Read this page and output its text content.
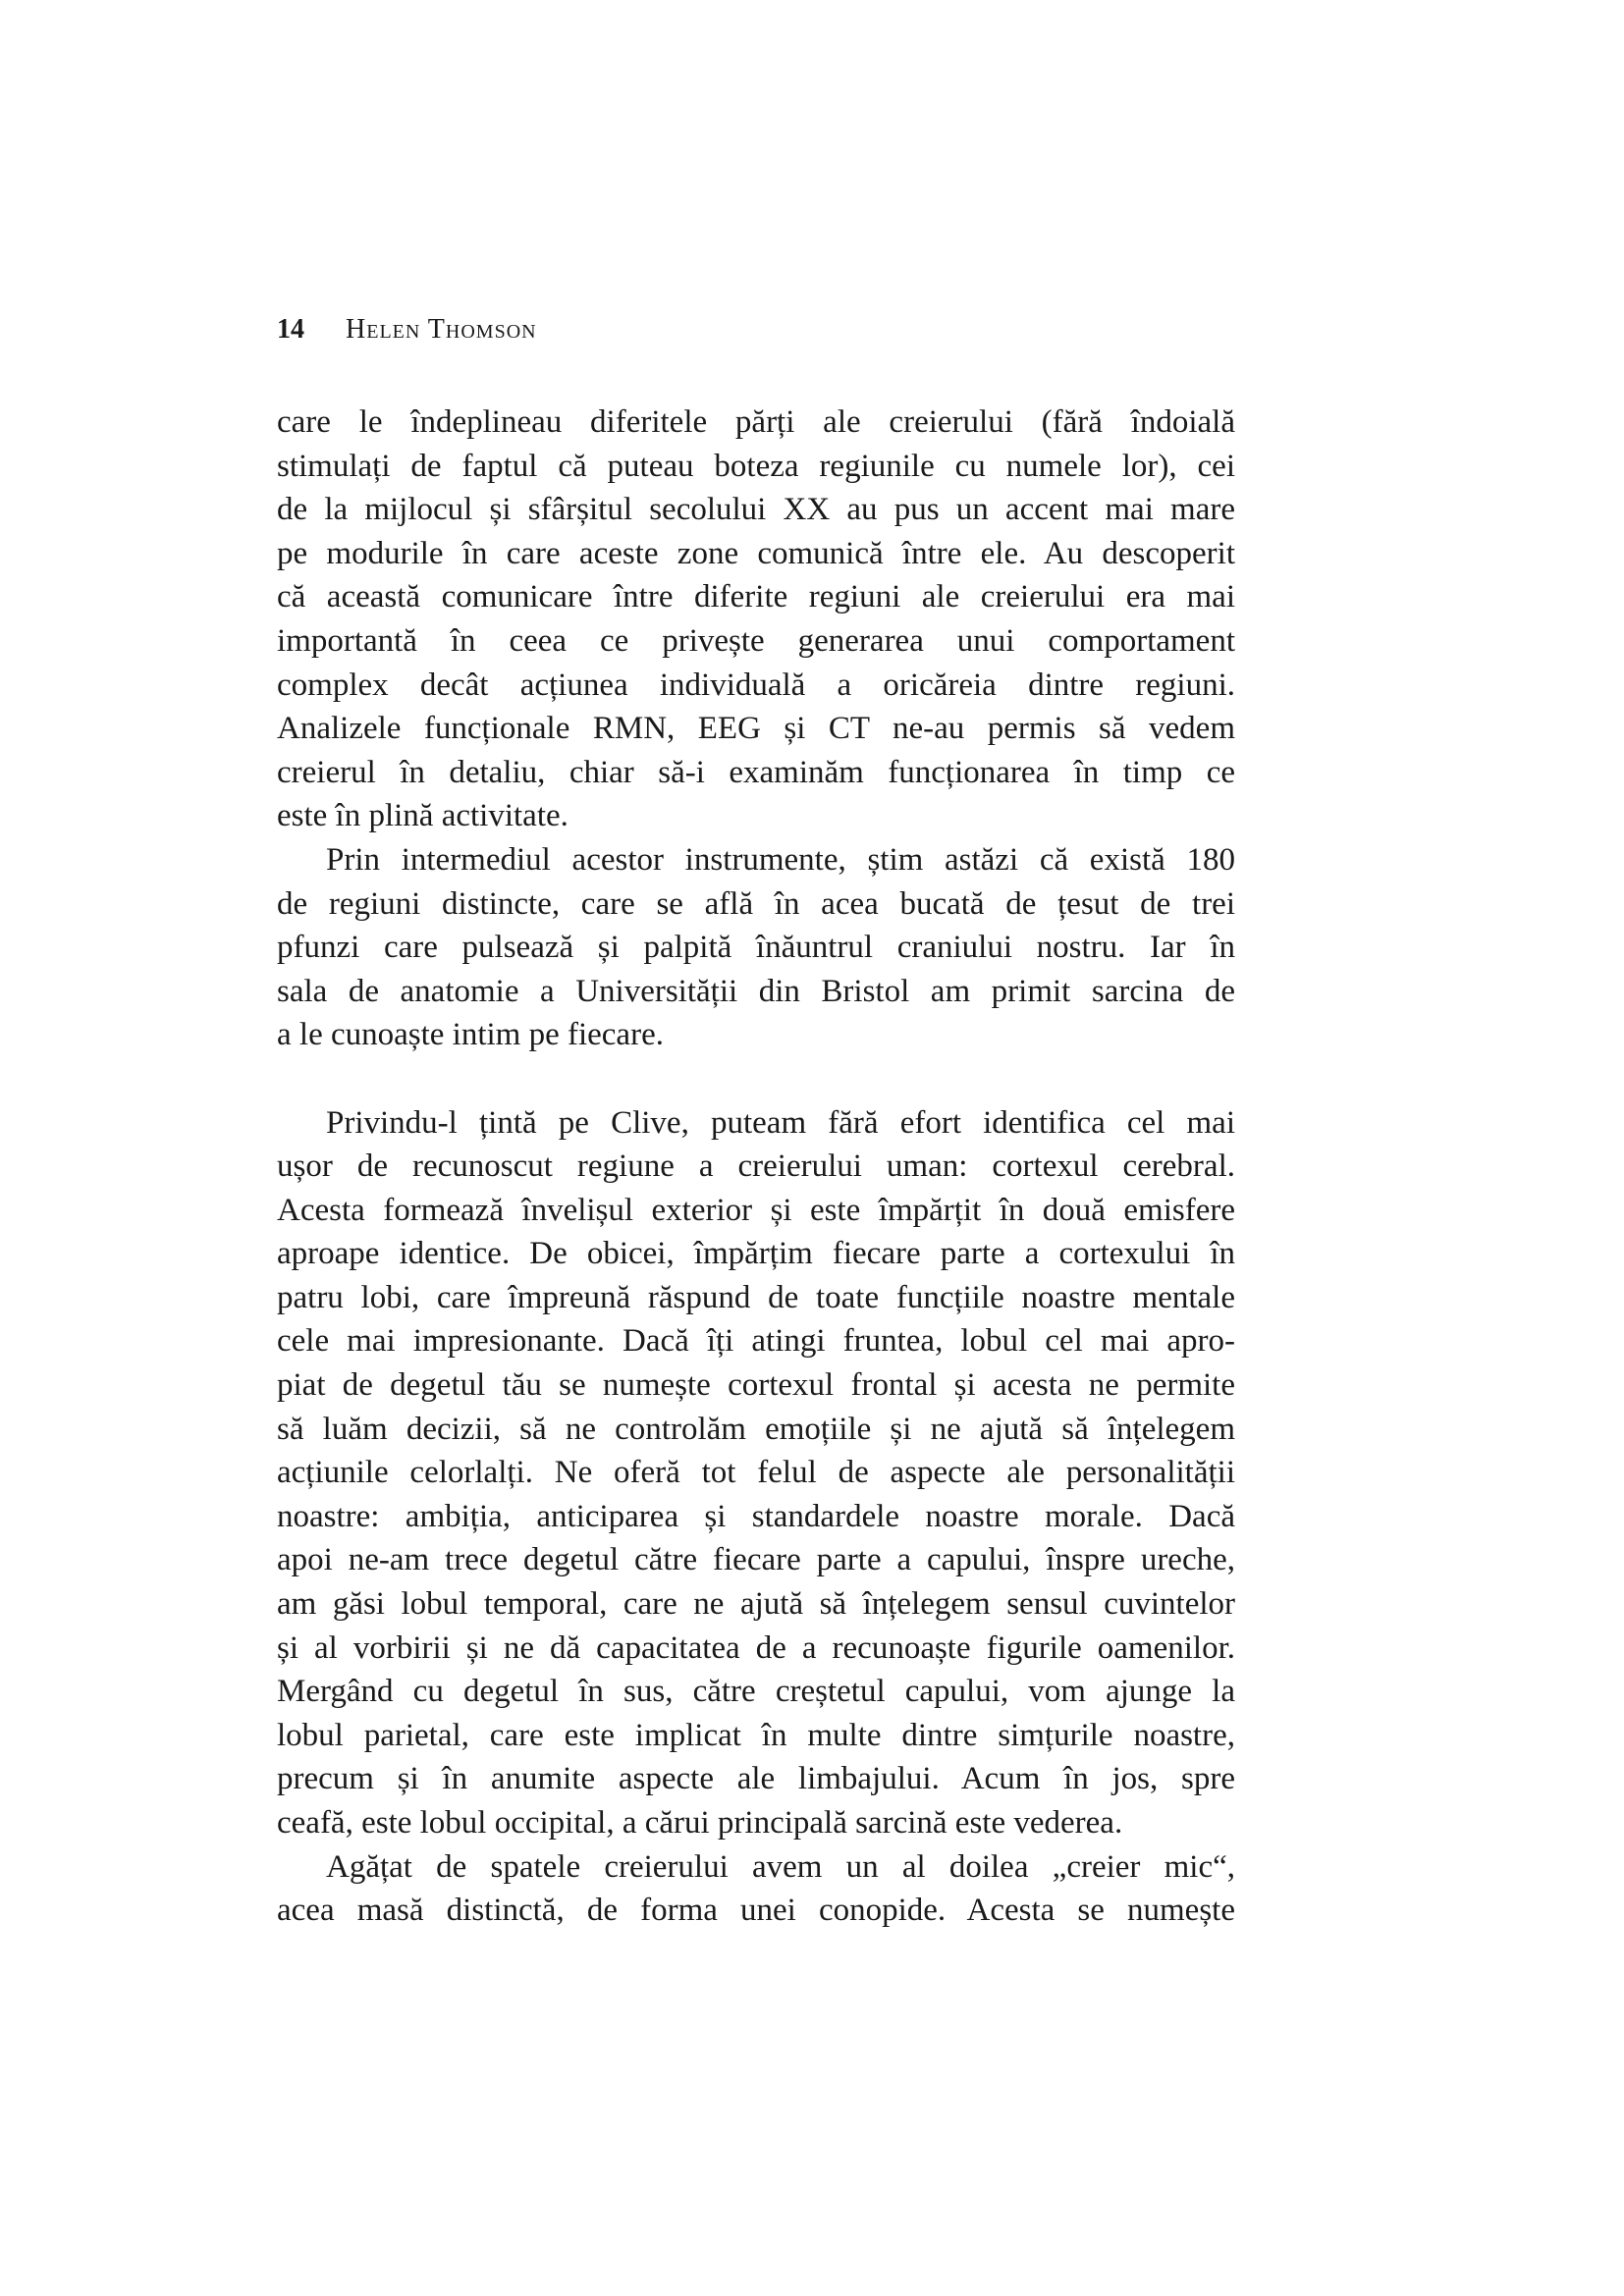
14 Helen Thomson
care le îndeplineau diferitele părți ale creierului (fără îndoială
stimulați de faptul că puteau boteza regiunile cu numele lor), cei
de la mijlocul și sfârșitul secolului XX au pus un accent mai mare
pe modurile în care aceste zone comunică între ele. Au descoperit
că această comunicare între diferite regiuni ale creierului era mai
importantă în ceea ce privește generarea unui comportament
complex decât acțiunea individuală a oricăreia dintre regiuni.
Analizele funcționale RMN, EEG și CT ne-au permis să vedem
creierul în detaliu, chiar să-i examinăm funcționarea în timp ce
este în plină activitate.
Prin intermediul acestor instrumente, știm astăzi că există 180
de regiuni distincte, care se află în acea bucată de țesut de trei
pfunzi care pulsează și palpită înăuntrul craniului nostru. Iar în
sala de anatomie a Universității din Bristol am primit sarcina de
a le cunoaște intim pe fiecare.
Privindu-l țintă pe Clive, puteam fără efort identifica cel mai
ușor de recunoscut regiune a creierului uman: cortexul cerebral.
Acesta formează învelișul exterior și este împărțit în două emisfere
aproape identice. De obicei, împărțim fiecare parte a cortexului în
patru lobi, care împreună răspund de toate funcțiile noastre mentale
cele mai impresionante. Dacă îți atingi fruntea, lobul cel mai apro-
piat de degetul tău se numește cortexul frontal și acesta ne permite
să luăm decizii, să ne controlăm emoțiile și ne ajută să înțelegem
acțiunile celorlalți. Ne oferă tot felul de aspecte ale personalității
noastre: ambiția, anticiparea și standardele noastre morale. Dacă
apoi ne-am trece degetul către fiecare parte a capului, înspre ureche,
am găsi lobul temporal, care ne ajută să înțelegem sensul cuvintelor
și al vorbirii și ne dă capacitatea de a recunoaște figurile oamenilor.
Mergând cu degetul în sus, către creștetul capului, vom ajunge la
lobul parietal, care este implicat în multe dintre simțurile noastre,
precum și în anumite aspecte ale limbajului. Acum în jos, spre
ceafă, este lobul occipital, a cărui principală sarcină este vederea.
Agățat de spatele creierului avem un al doilea „creier mic“,
acea masă distinctă, de forma unei conopide. Acesta se numește
